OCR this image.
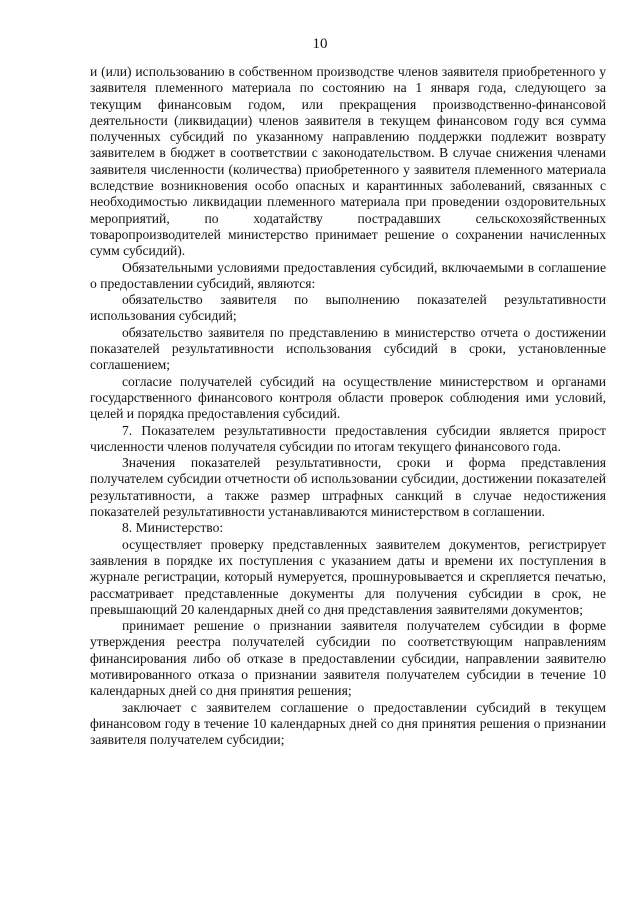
10

и (или) использованию в собственном производстве членов заявителя приобретенного у заявителя племенного материала по состоянию на 1 января года, следующего за текущим финансовым годом, или прекращения производственно-финансовой деятельности (ликвидации) членов заявителя в текущем финансовом году вся сумма полученных субсидий по указанному направлению поддержки подлежит возврату заявителем в бюджет в соответствии с законодательством. В случае снижения членами заявителя численности (количества) приобретенного у заявителя племенного материала вследствие возникновения особо опасных и карантинных заболеваний, связанных с необходимостью ликвидации племенного материала при проведении оздоровительных мероприятий, по ходатайству пострадавших сельскохозяйственных товаропроизводителей министерство принимает решение о сохранении начисленных сумм субсидий).

Обязательными условиями предоставления субсидий, включаемыми в соглашение о предоставлении субсидий, являются:

обязательство заявителя по выполнению показателей результативности использования субсидий;

обязательство заявителя по представлению в министерство отчета о достижении показателей результативности использования субсидий в сроки, установленные соглашением;

согласие получателей субсидий на осуществление министерством и органами государственного финансового контроля области проверок соблюдения ими условий, целей и порядка предоставления субсидий.

7. Показателем результативности предоставления субсидии является прирост численности членов получателя субсидии по итогам текущего финансового года.

Значения показателей результативности, сроки и форма представления получателем субсидии отчетности об использовании субсидии, достижении показателей результативности, а также размер штрафных санкций в случае недостижения показателей результативности устанавливаются министерством в соглашении.

8. Министерство:

осуществляет проверку представленных заявителем документов, регистрирует заявления в порядке их поступления с указанием даты и времени их поступления в журнале регистрации, который нумеруется, прошнуровывается и скрепляется печатью, рассматривает представленные документы для получения субсидии в срок, не превышающий 20 календарных дней со дня представления заявителями документов;

принимает решение о признании заявителя получателем субсидии в форме утверждения реестра получателей субсидии по соответствующим направлениям финансирования либо об отказе в предоставлении субсидии, направлении заявителю мотивированного отказа о признании заявителя получателем субсидии в течение 10 календарных дней со дня принятия решения;

заключает с заявителем соглашение о предоставлении субсидий в текущем финансовом году в течение 10 календарных дней со дня принятия решения о признании заявителя получателем субсидии;
